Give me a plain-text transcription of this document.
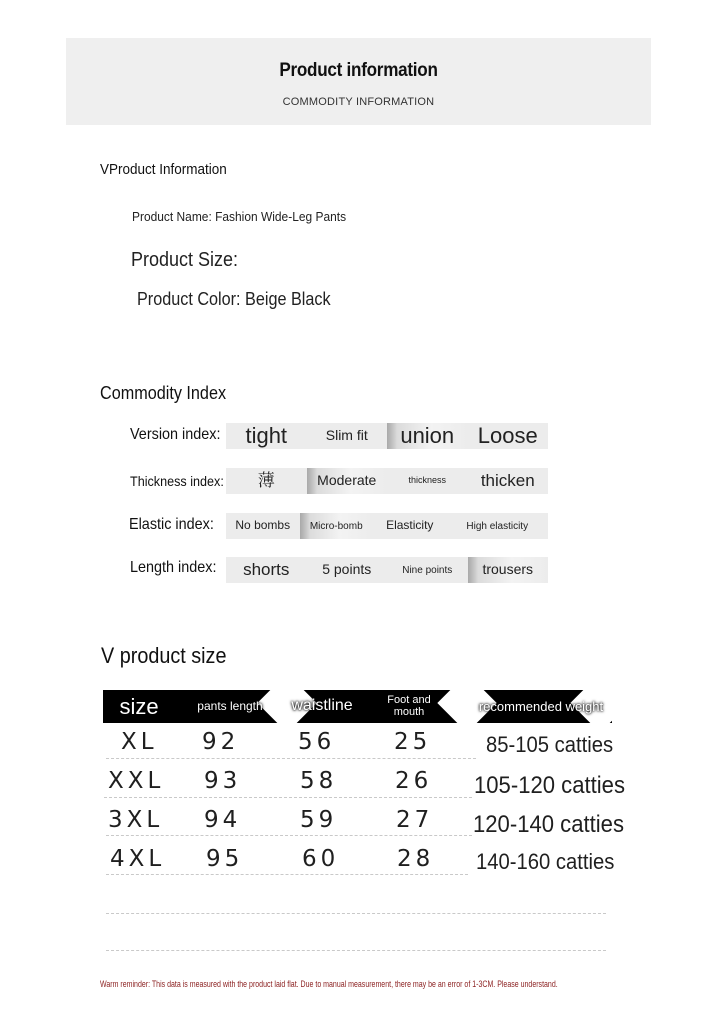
Product information
COMMODITY INFORMATION
VProduct Information
Product Name: Fashion Wide-Leg Pants
Product Size:
Product Color: Beige Black
Commodity Index
Version index:	tight	Slim fit	union	Loose
Thickness index:	薄	Moderate	thickness	thicken
Elastic index:	No bombs	Micro-bomb	Elasticity	High elasticity
Length index:	shorts	5 points	Nine points	trousers
V product size
size	pants length	waistline	Foot and mouth	recommended weight
XL 92	56	25 85-105 catties
XXL 93	58	26 105-120 catties
3XL 94	59	27 120-140 catties
4XL 95	60	28 140-160 catties
Warm reminder: This data is measured with the product laid flat. Due to manual measurement, there may be an error of 1-3CM. Please understand.
